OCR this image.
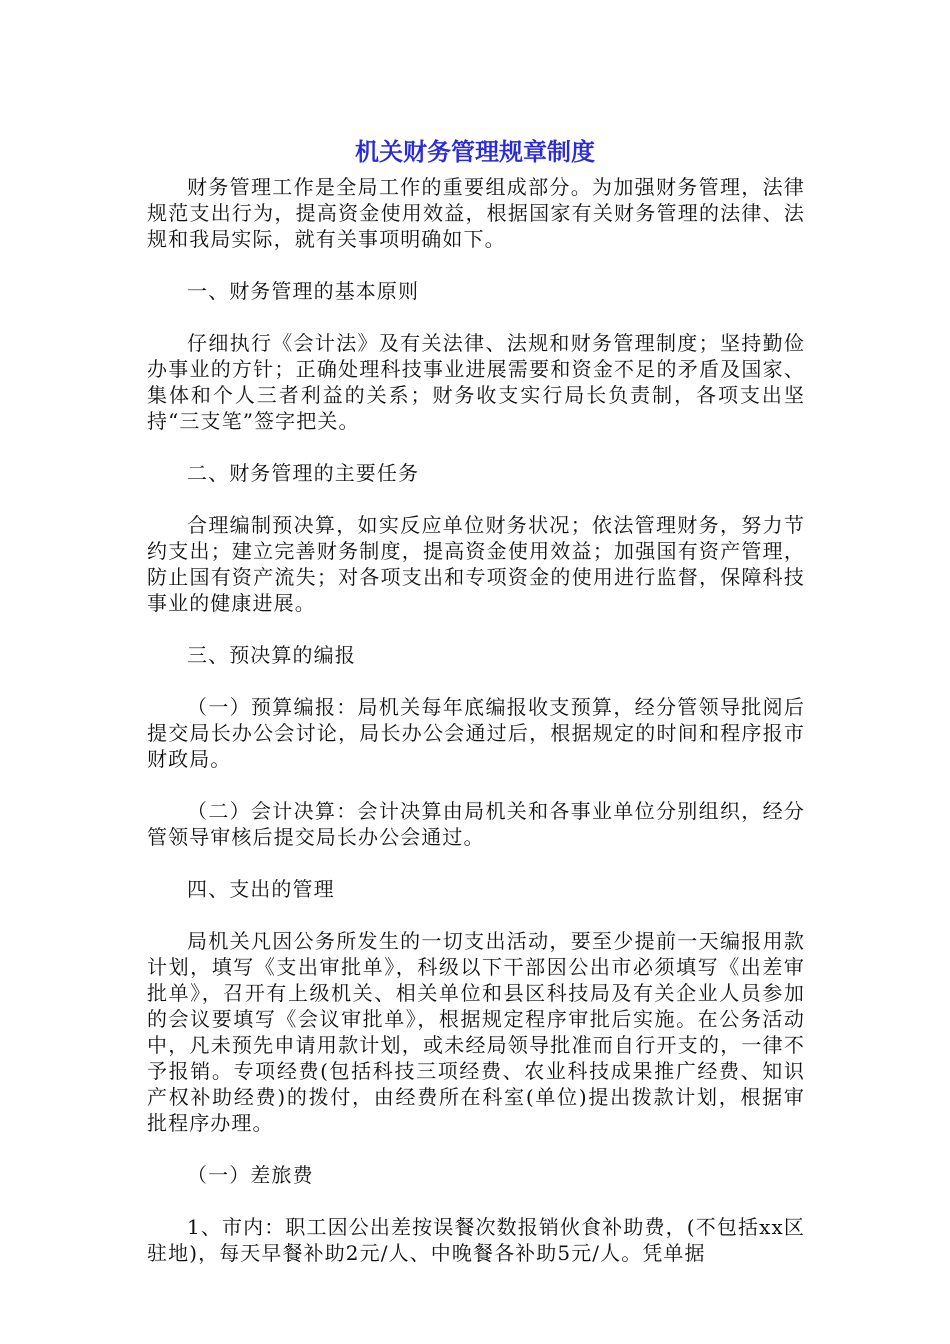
机关财务管理规章制度

财务管理工作是全局工作的重要组成部分。为加强财务管理，法律规范支出行为，提高资金使用效益，根据国家有关财务管理的法律、法规和我局实际，就有关事项明确如下。

一、财务管理的基本原则

仔细执行《会计法》及有关法律、法规和财务管理制度；坚持勤俭办事业的方针；正确处理科技事业进展需要和资金不足的矛盾及国家、集体和个人三者利益的关系；财务收支实行局长负责制，各项支出坚持“三支笔”签字把关。

二、财务管理的主要任务

合理编制预决算，如实反应单位财务状况；依法管理财务，努力节约支出；建立完善财务制度，提高资金使用效益；加强国有资产管理，防止国有资产流失；对各项支出和专项资金的使用进行监督，保障科技事业的健康进展。

三、预决算的编报

（一）预算编报：局机关每年底编报收支预算，经分管领导批阅后提交局长办公会讨论，局长办公会通过后，根据规定的时间和程序报市财政局。

（二）会计决算：会计决算由局机关和各事业单位分别组织，经分管领导审核后提交局长办公会通过。

四、支出的管理

局机关凡因公务所发生的一切支出活动，要至少提前一天编报用款计划，填写《支出审批单》，科级以下干部因公出市必须填写《出差审批单》，召开有上级机关、相关单位和县区科技局及有关企业人员参加的会议要填写《会议审批单》，根据规定程序审批后实施。在公务活动中，凡未预先申请用款计划，或未经局领导批准而自行开支的，一律不予报销。专项经费(包括科技三项经费、农业科技成果推广经费、知识产权补助经费)的拨付，由经费所在科室(单位)提出拨款计划，根据审批程序办理。

（一）差旅费

1、市内：职工因公出差按误餐次数报销伙食补助费，(不包括xx区驻地)，每天早餐补助2元/人、中晚餐各补助5元/人。凭单据
